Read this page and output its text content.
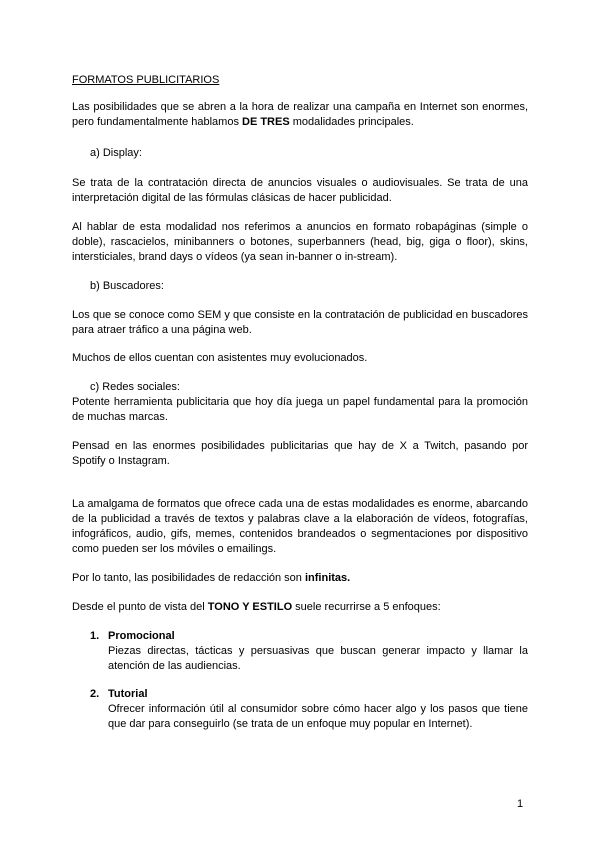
FORMATOS PUBLICITARIOS

Las posibilidades que se abren a la hora de realizar una campaña en Internet son enormes, pero fundamentalmente hablamos DE TRES modalidades principales.

a) Display:

Se trata de la contratación directa de anuncios visuales o audiovisuales. Se trata de una interpretación digital de las fórmulas clásicas de hacer publicidad.

Al hablar de esta modalidad nos referimos a anuncios en formato robapáginas (simple o doble), rascacielos, minibanners o botones, superbanners (head, big, giga o floor), skins, intersticiales, brand days o vídeos (ya sean in-banner o in-stream).

b) Buscadores:

Los que se conoce como SEM y que consiste en la contratación de publicidad en buscadores para atraer tráfico a una página web.

Muchos de ellos cuentan con asistentes muy evolucionados.

c) Redes sociales:

Potente herramienta publicitaria que hoy día juega un papel fundamental para la promoción de muchas marcas.

Pensad en las enormes posibilidades publicitarias que hay de X a Twitch, pasando por Spotify o Instagram.

La amalgama de formatos que ofrece cada una de estas modalidades es enorme, abarcando de la publicidad a través de textos y palabras clave a la elaboración de vídeos, fotografías, infográficos, audio, gifs, memes, contenidos brandeados o segmentaciones por dispositivo como pueden ser los móviles o emailings.

Por lo tanto, las posibilidades de redacción son infinitas.

Desde el punto de vista del TONO Y ESTILO suele recurrirse a 5 enfoques:

1. Promocional

Piezas directas, tácticas y persuasivas que buscan generar impacto y llamar la atención de las audiencias.

2. Tutorial

Ofrecer información útil al consumidor sobre cómo hacer algo y los pasos que tiene que dar para conseguirlo (se trata de un enfoque muy popular en Internet).

1
